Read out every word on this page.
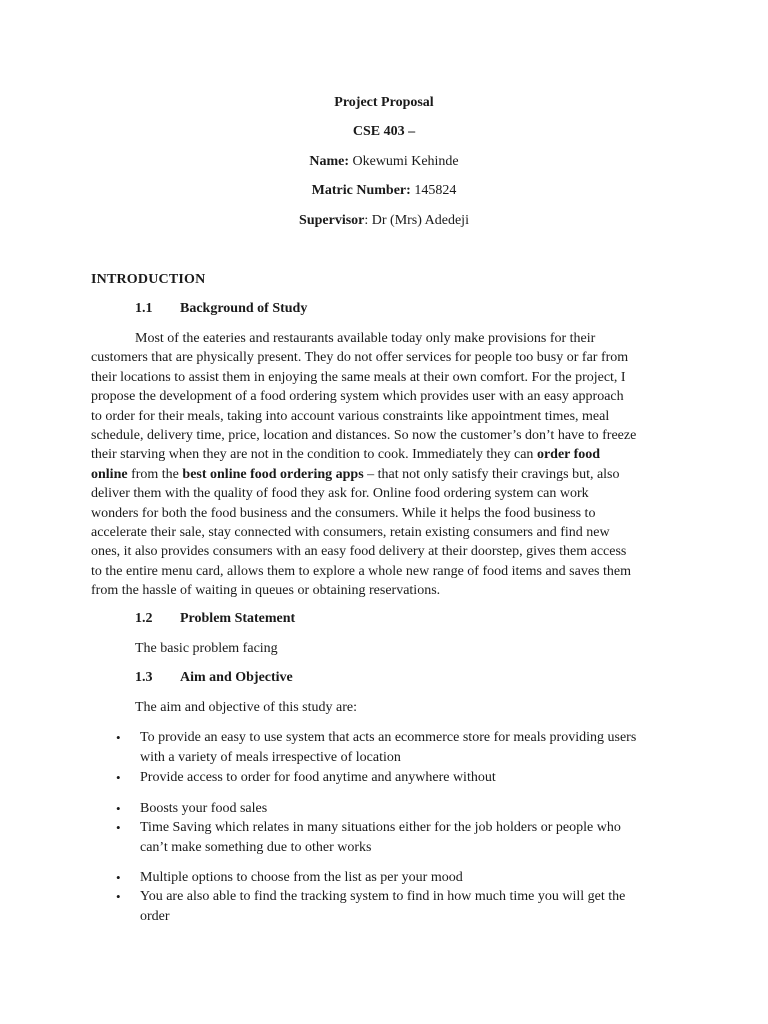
Project Proposal
CSE 403 –
Name: Okewumi Kehinde
Matric Number: 145824
Supervisor: Dr (Mrs) Adedeji
INTRODUCTION
1.1 Background of Study
Most of the eateries and restaurants available today only make provisions for their
customers that are physically present. They do not offer services for people too busy or far from
their locations to assist them in enjoying the same meals at their own comfort. For the project, I
propose the development of a food ordering system which provides user with an easy approach
to order for their meals, taking into account various constraints like appointment times, meal
schedule, delivery time, price, location and distances. So now the customer’s don’t have to freeze
their starving when they are not in the condition to cook. Immediately they can order food
online from the best online food ordering apps – that not only satisfy their cravings but, also
deliver them with the quality of food they ask for. Online food ordering system can work
wonders for both the food business and the consumers. While it helps the food business to
accelerate their sale, stay connected with consumers, retain existing consumers and find new
ones, it also provides consumers with an easy food delivery at their doorstep, gives them access
to the entire menu card, allows them to explore a whole new range of food items and saves them
from the hassle of waiting in queues or obtaining reservations.
1.2 Problem Statement
The basic problem facing
1.3 Aim and Objective
The aim and objective of this study are:
• To provide an easy to use system that acts an ecommerce store for meals providing users
with a variety of meals irrespective of location
• Provide access to order for food anytime and anywhere without
• Boosts your food sales
• Time Saving which relates in many situations either for the job holders or people who
can’t make something due to other works
• Multiple options to choose from the list as per your mood
• You are also able to find the tracking system to find in how much time you will get the
order
